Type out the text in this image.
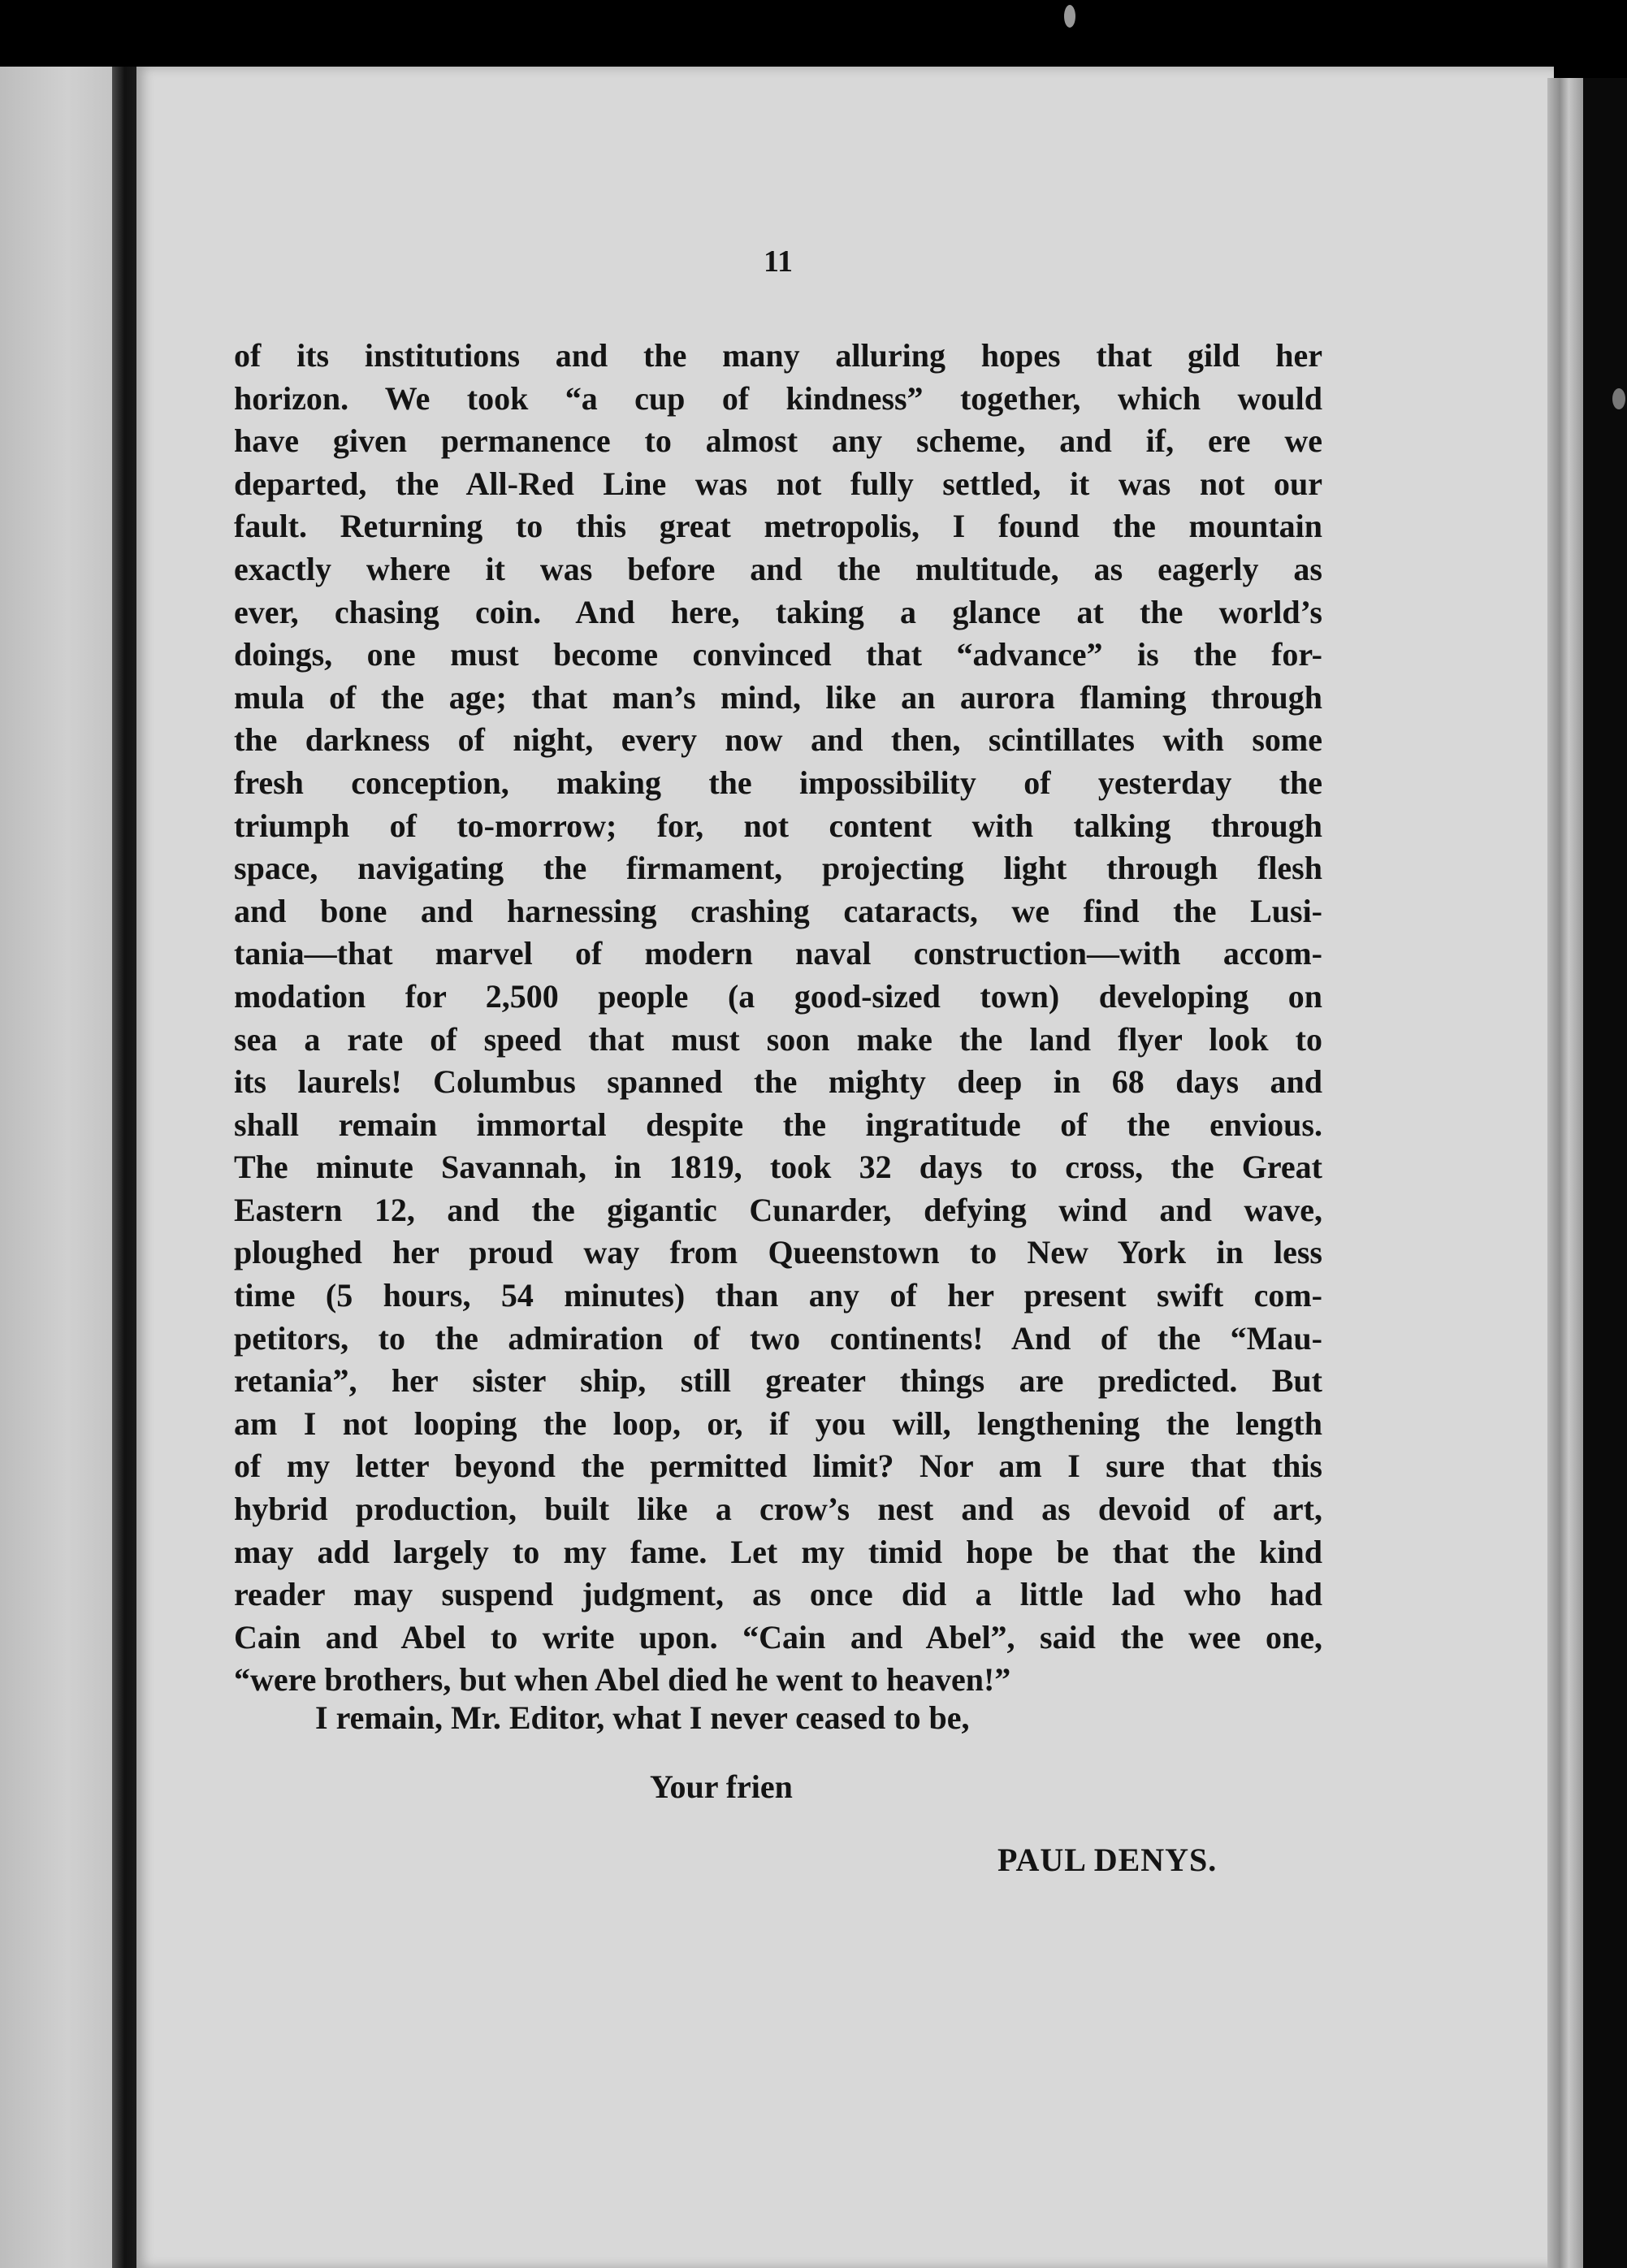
11
of its institutions and the many alluring hopes that gild her
horizon. We took “a cup of kindness” together, which would
have given permanence to almost any scheme, and if, ere we
departed, the All-Red Line was not fully settled, it was not our
fault. Returning to this great metropolis, I found the mountain
exactly where it was before and the multitude, as eagerly as
ever, chasing coin. And here, taking a glance at the world’s
doings, one must become convinced that “advance” is the for-
mula of the age; that man’s mind, like an aurora flaming through
the darkness of night, every now and then, scintillates with some
fresh conception, making the impossibility of yesterday the
triumph of to-morrow; for, not content with talking through
space, navigating the firmament, projecting light through flesh
and bone and harnessing crashing cataracts, we find the Lusi-
tania—that marvel of modern naval construction—with accom-
modation for 2,500 people (a good-sized town) developing on
sea a rate of speed that must soon make the land flyer look to
its laurels! Columbus spanned the mighty deep in 68 days and
shall remain immortal despite the ingratitude of the envious.
The minute Savannah, in 1819, took 32 days to cross, the Great
Eastern 12, and the gigantic Cunarder, defying wind and wave,
ploughed her proud way from Queenstown to New York in less
time (5 hours, 54 minutes) than any of her present swift com-
petitors, to the admiration of two continents! And of the “Mau-
retania”, her sister ship, still greater things are predicted. But
am I not looping the loop, or, if you will, lengthening the length
of my letter beyond the permitted limit? Nor am I sure that this
hybrid production, built like a crow’s nest and as devoid of art,
may add largely to my fame. Let my timid hope be that the kind
reader may suspend judgment, as once did a little lad who had
Cain and Abel to write upon. “Cain and Abel”, said the wee one,
“were brothers, but when Abel died he went to heaven!”
I remain, Mr. Editor, what I never ceased to be,
Your frien
PAUL DENYS.
